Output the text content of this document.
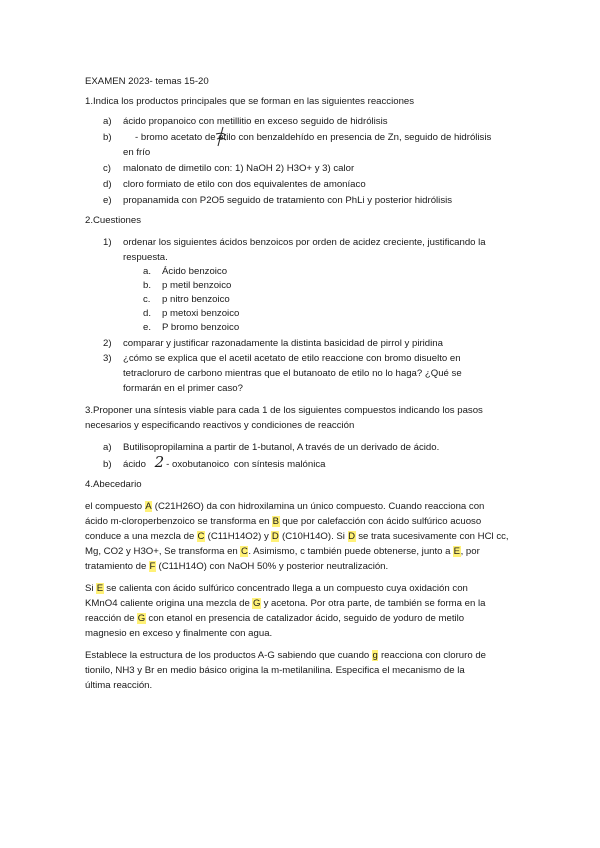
EXAMEN 2023- temas 15-20
1.Indica los productos principales que se forman en las siguientes reacciones
a) ácido propanoico con metillitio en exceso seguido de hidrólisis
b) - bromo acetato de etilo con benzaldehído en presencia de Zn, seguido de hidrólisis
en frío
c) malonato de dimetilo con: 1) NaOH 2) H3O+ y 3) calor
d) cloro formiato de etilo con dos equivalentes de amoníaco
e) propanamida con P2O5 seguido de tratamiento con PhLi y posterior hidrólisis
2.Cuestiones
1) ordenar los siguientes ácidos benzoicos por orden de acidez creciente, justificando la
respuesta.
a. Ácido benzoico
b. p metil benzoico
c. p nitro benzoico
d. p metoxi benzoico
e. P bromo benzoico
2) comparar y justificar razonadamente la distinta basicidad de pirrol y piridina
3) ¿cómo se explica que el acetil acetato de etilo reaccione con bromo disuelto en
tetracloruro de carbono mientras que el butanoato de etilo no lo haga? ¿Qué se
formarán en el primer caso?
3.Proponer una síntesis viable para cada 1 de los siguientes compuestos indicando los pasos
necesarios y especificando reactivos y condiciones de reacción
a) Butilisopropilamina a partir de 1-butanol, A través de un derivado de ácido.
b) ácido 2 - oxobutanoico con síntesis malónica
4.Abecedario
el compuesto A (C21H26O) da con hidroxilamina un único compuesto. Cuando reacciona con
ácido m-cloroperbenzoico se transforma en B que por calefacción con ácido sulfúrico acuoso
conduce a una mezcla de C (C11H14O2) y D (C10H14O). Si D se trata sucesivamente con HCl cc,
Mg, CO2 y H3O+, Se transforma en C. Asimismo, c también puede obtenerse, junto a E, por
tratamiento de F (C11H14O) con NaOH 50% y posterior neutralización.
Si E se calienta con ácido sulfúrico concentrado llega a un compuesto cuya oxidación con
KMnO4 caliente origina una mezcla de G y acetona. Por otra parte, de también se forma en la
reacción de G con etanol en presencia de catalizador ácido, seguido de yoduro de metilo
magnesio en exceso y finalmente con agua.
Establece la estructura de los productos A-G sabiendo que cuando g reacciona con cloruro de
tionilo, NH3 y Br en medio básico origina la m-metilanilina. Especifica el mecanismo de la
última reacción.
